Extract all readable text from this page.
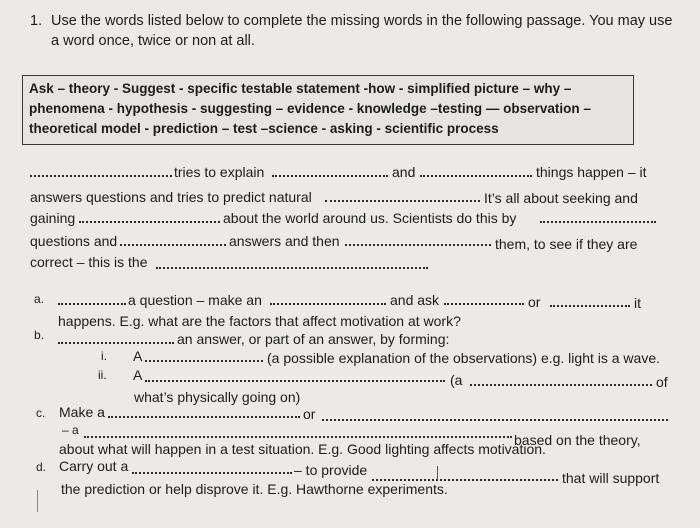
1. Use the words listed below to complete the missing words in the following passage. You may use
a word once, twice or non at all.
Ask – theory - Suggest - specific testable statement -how - simplified picture – why –
phenomena - hypothesis - suggesting – evidence - knowledge –testing — observation –
theoretical model - prediction – test –science - asking - scientific process
tries to explain	and	things happen – it
answers questions and tries to predict natural	It’s all about seeking and
gaining	about the world around us. Scientists do this by
questions and	answers and then	them, to see if they are
correct – this is the
a.	a question – make an	and ask	or	it
happens. E.g. what are the factors that affect motivation at work?
b.	an answer, or part of an answer, by forming:
i. A	(a possible explanation of the observations) e.g. light is a wave.
ii. A	(a	of
what’s physically going on)
c. Make a	or
– a
based on the theory,
about what will happen in a test situation. E.g. Good lighting affects motivation.
d. Carry out a	– to provide	that will support
the prediction or help disprove it. E.g. Hawthorne experiments.
